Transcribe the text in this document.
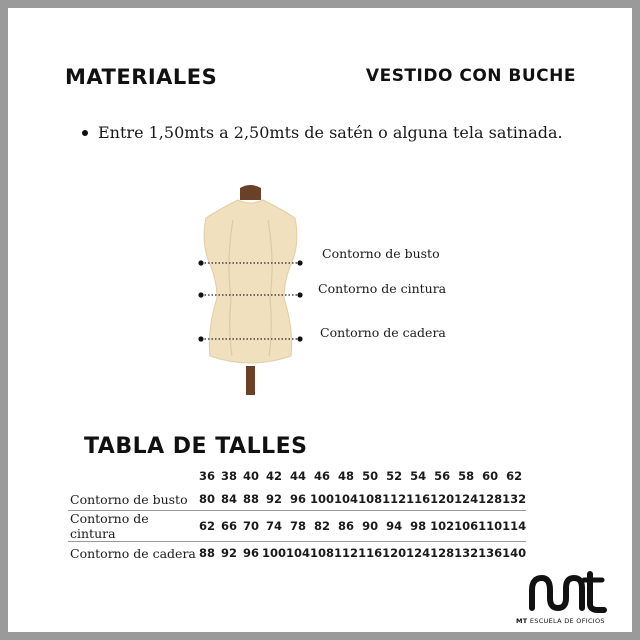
MATERIALES	VESTIDO CON BUCHE
Entre 1,50mts a 2,50mts de satén o alguna tela satinada.
Contorno de busto
Contorno de cintura
Contorno de cadera
TABLA DE TALLES
	36	38	40	42	44	46	48	50	52	54	56	58	60	62
Contorno de busto	80	84	88	92	96	100	104	108	112	116	120	124	128	132
Contorno de cintura	62	66	70	74	78	82	86	90	94	98	102	106	110	114
Contorno de cadera	88	92	96	100	104	108	112	116	120	124	128	132	136	140
MT ESCUELA DE OFICIOS
